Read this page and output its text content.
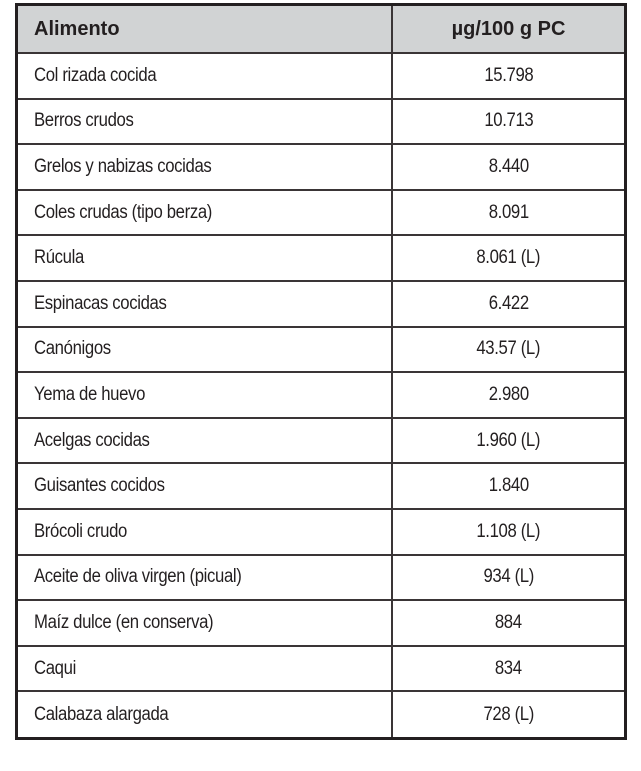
Alimento	µg/100 g PC
Col rizada cocida	15.798
Berros crudos	10.713
Grelos y nabizas cocidas	8.440
Coles crudas (tipo berza)	8.091
Rúcula	8.061 (L)
Espinacas cocidas	6.422
Canónigos	43.57 (L)
Yema de huevo	2.980
Acelgas cocidas	1.960 (L)
Guisantes cocidos	1.840
Brócoli crudo	1.108 (L)
Aceite de oliva virgen (picual)	934 (L)
Maíz dulce (en conserva)	884
Caqui	834
Calabaza alargada	728 (L)
